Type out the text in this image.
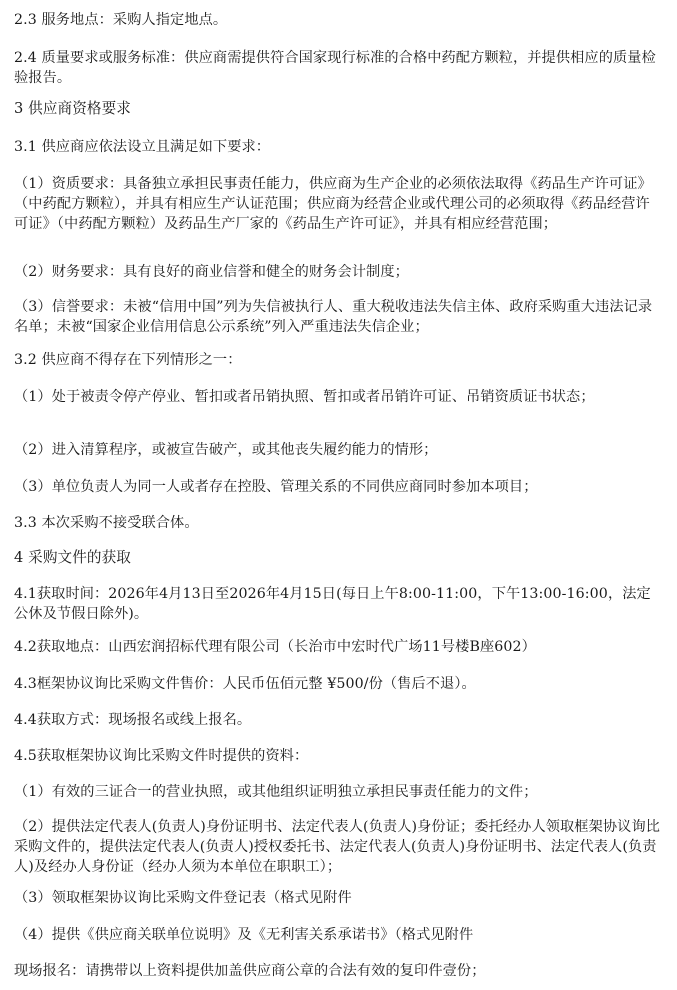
2.3 服务地点：采购人指定地点。

2.4 质量要求或服务标准：供应商需提供符合国家现行标准的合格中药配方颗粒，并提供相应的质量检验报告。

3 供应商资格要求

3.1 供应商应依法设立且满足如下要求：

（1）资质要求：具备独立承担民事责任能力，供应商为生产企业的必须依法取得《药品生产许可证》（中药配方颗粒），并具有相应生产认证范围；供应商为经营企业或代理公司的必须取得《药品经营许可证》（中药配方颗粒）及药品生产厂家的《药品生产许可证》，并具有相应经营范围；

（2）财务要求：具有良好的商业信誉和健全的财务会计制度；

（3）信誉要求：未被“信用中国”列为失信被执行人、重大税收违法失信主体、政府采购重大违法记录名单；未被“国家企业信用信息公示系统”列入严重违法失信企业；

3.2 供应商不得存在下列情形之一：

（1）处于被责令停产停业、暂扣或者吊销执照、暂扣或者吊销许可证、吊销资质证书状态；

（2）进入清算程序，或被宣告破产，或其他丧失履约能力的情形；

（3）单位负责人为同一人或者存在控股、管理关系的不同供应商同时参加本项目；

3.3 本次采购不接受联合体。

4 采购文件的获取

4.1获取时间：2026年4月13日至2026年4月15日(每日上午8:00-11:00，下午13:00-16:00，法定公休及节假日除外)。

4.2获取地点：山西宏润招标代理有限公司（长治市中宏时代广场11号楼B座602）

4.3框架协议询比采购文件售价：人民币伍佰元整 ¥500/份（售后不退）。

4.4获取方式：现场报名或线上报名。

4.5获取框架协议询比采购文件时提供的资料：

（1）有效的三证合一的营业执照，或其他组织证明独立承担民事责任能力的文件；

（2）提供法定代表人(负责人)身份证明书、法定代表人(负责人)身份证；委托经办人领取框架协议询比采购文件的，提供法定代表人(负责人)授权委托书、法定代表人(负责人)身份证明书、法定代表人(负责人)及经办人身份证（经办人须为本单位在职职工）；

（3）领取框架协议询比采购文件登记表（格式见附件

（4）提供《供应商关联单位说明》及《无利害关系承诺书》（格式见附件

现场报名：请携带以上资料提供加盖供应商公章的合法有效的复印件壹份；
